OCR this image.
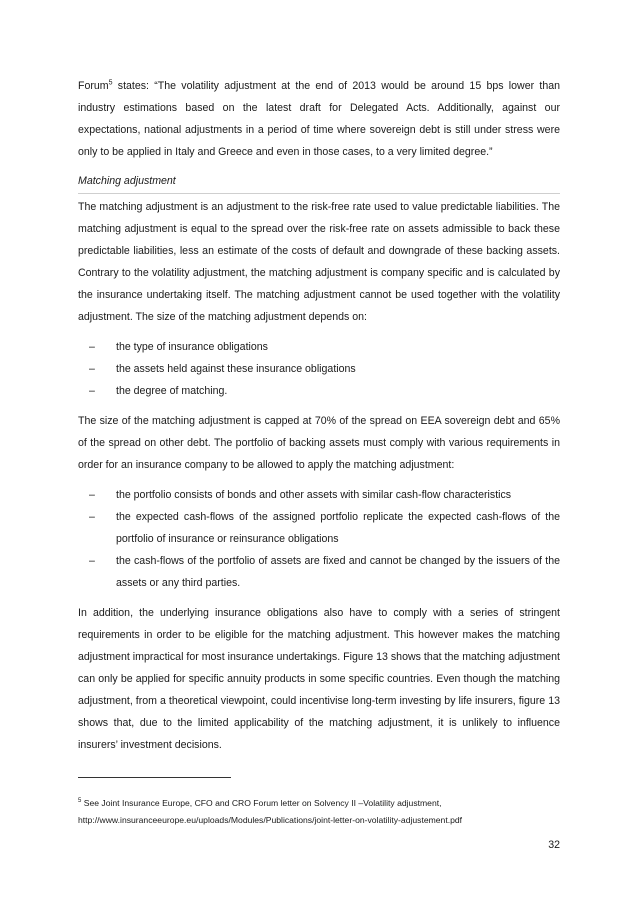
Forum$^5$ states: “The volatility adjustment at the end of 2013 would be around 15 bps lower than industry estimations based on the latest draft for Delegated Acts. Additionally, against our expectations, national adjustments in a period of time where sovereign debt is still under stress were only to be applied in Italy and Greece and even in those cases, to a very limited degree.”

Matching adjustment

The matching adjustment is an adjustment to the risk-free rate used to value predictable liabilities. The matching adjustment is equal to the spread over the risk-free rate on assets admissible to back these predictable liabilities, less an estimate of the costs of default and downgrade of these backing assets. Contrary to the volatility adjustment, the matching adjustment is company specific and is calculated by the insurance undertaking itself. The matching adjustment cannot be used together with the volatility adjustment. The size of the matching adjustment depends on:

–	the type of insurance obligations
–	the assets held against these insurance obligations
–	the degree of matching.

The size of the matching adjustment is capped at 70% of the spread on EEA sovereign debt and 65% of the spread on other debt. The portfolio of backing assets must comply with various requirements in order for an insurance company to be allowed to apply the matching adjustment:

–	the portfolio consists of bonds and other assets with similar cash-flow characteristics
–	the expected cash-flows of the assigned portfolio replicate the expected cash-flows of the portfolio of insurance or reinsurance obligations
–	the cash-flows of the portfolio of assets are fixed and cannot be changed by the issuers of the assets or any third parties.

In addition, the underlying insurance obligations also have to comply with a series of stringent requirements in order to be eligible for the matching adjustment. This however makes the matching adjustment impractical for most insurance undertakings. Figure 13 shows that the matching adjustment can only be applied for specific annuity products in some specific countries. Even though the matching adjustment, from a theoretical viewpoint, could incentivise long-term investing by life insurers, figure 13 shows that, due to the limited applicability of the matching adjustment, it is unlikely to influence insurers’ investment decisions.

$^5$ See Joint Insurance Europe, CFO and CRO Forum letter on Solvency II –Volatility adjustment,
http://www.insuranceeurope.eu/uploads/Modules/Publications/joint-letter-on-volatility-adjustement.pdf
32
